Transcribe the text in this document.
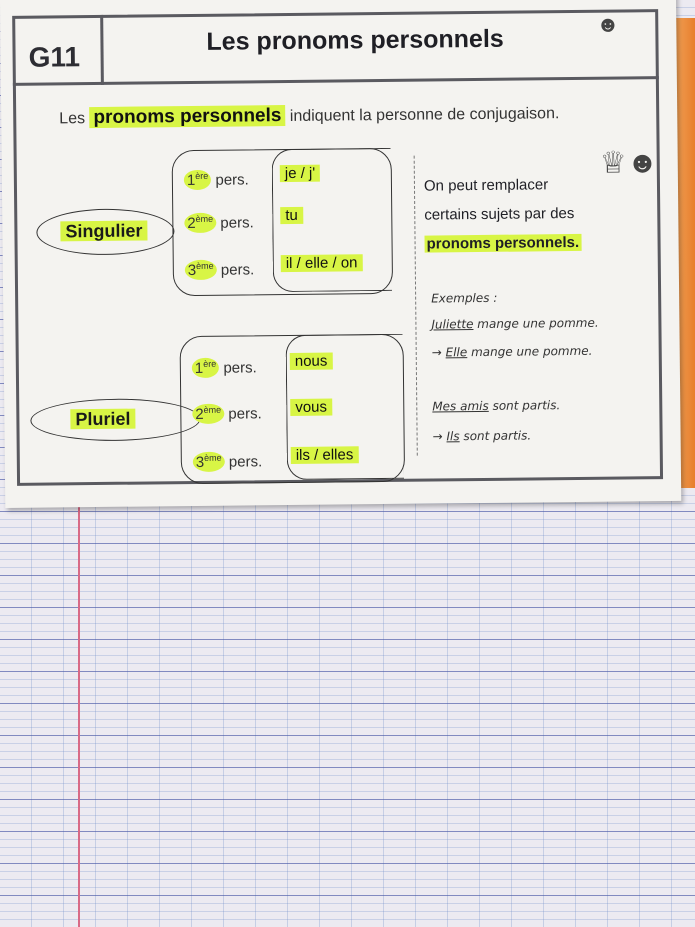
G11
Les pronoms personnels
☻
Les pronoms personnels indiquent la personne de conjugaison.
Singulier
1ère pers.
2ème pers.
3ème pers.
je / j'
tu
il / elle / on
Pluriel
1ère pers.
2ème pers.
3ème pers.
nous
vous
ils / elles
♕☻
On peut remplacer
certains sujets par des
pronoms personnels.
Exemples :
Juliette mange une pomme.
→ Elle mange une pomme.
Mes amis sont partis.
→ Ils sont partis.
